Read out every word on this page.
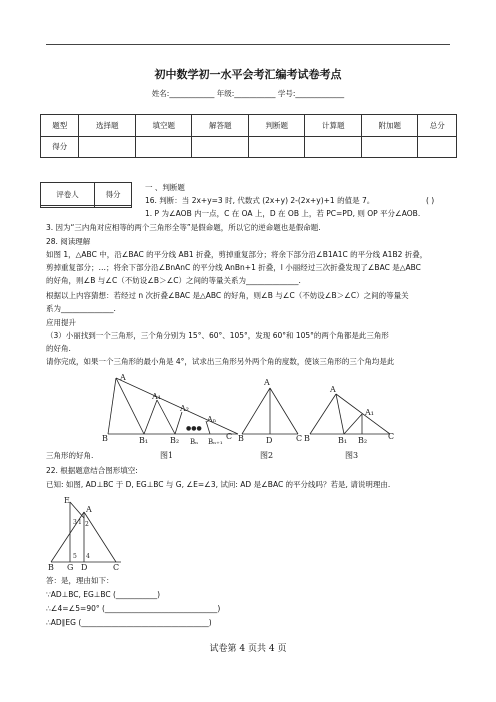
初中数学初一水平会考汇编考试卷考点
姓名:____________ 年级:___________ 学号:_____________
题型	选择题	填空题	解答题	判断题	计算题	附加题	总分
得分							
评卷人	得分

一 、判断题
16. 判断：当 2x+y=3 时, 代数式 (2x+y) 2-(2x+y)+1 的值是 7。	( )
1. P 为∠AOB 内一点，C 在 OA 上，D 在 OB 上，若 PC=PD, 则 OP 平分∠AOB.
3. 因为“三内角对应相等的两个三角形全等”是假命题，所以它的逆命题也是假命题.
28. 阅读理解
如图 1，△ABC 中，沿∠BAC 的平分线 AB1 折叠，剪掉重复部分；将余下部分沿∠B1A1C 的平分线 A1B2 折叠，
剪掉重复部分；…；将余下部分沿∠BnAnC 的平分线 AnBn+1 折叠，l 小丽经过三次折叠发现了∠BAC 是△ABC
的好角，则∠B 与∠C（不妨设∠B＞∠C）之间的等量关系为______________.
根据以上内容猜想：若经过 n 次折叠∠BAC 是△ABC 的好角，则∠B 与∠C（不妨设∠B＞∠C）之间的等量关
系为______________.
应用提升
（3）小丽找到一个三角形，三个角分别为 15°、60°、105°，发现 60°和 105°的两个角都是此三角形
的好角.
请你完成，如果一个三角形的最小角是 4°，试求出三角形另外两个角的度数，使该三角形的三个角均是此
A
A₁
A₂
Aₙ
●●●
B	C
B₁	B₂ Bₙ Bₙ₊₁
图1
A
B	D	C
图2
A
A₁
B	C
B₁ B₂
图3
三角形的好角.
22. 根据题意结合图形填空:
已知: 如图, AD⊥BC 于 D, EG⊥BC 与 G, ∠E=∠3, 试问: AD 是∠BAC 的平分线吗？若是, 请说明理由.
E
A
1 2
3
5 4
B G D	C
答：是，理由如下：
∵AD⊥BC, EG⊥BC (___________)
∴∠4=∠5=90° (______________________________)
∴AD∥EG (__________________________________)
试卷第 4 页共 4 页
